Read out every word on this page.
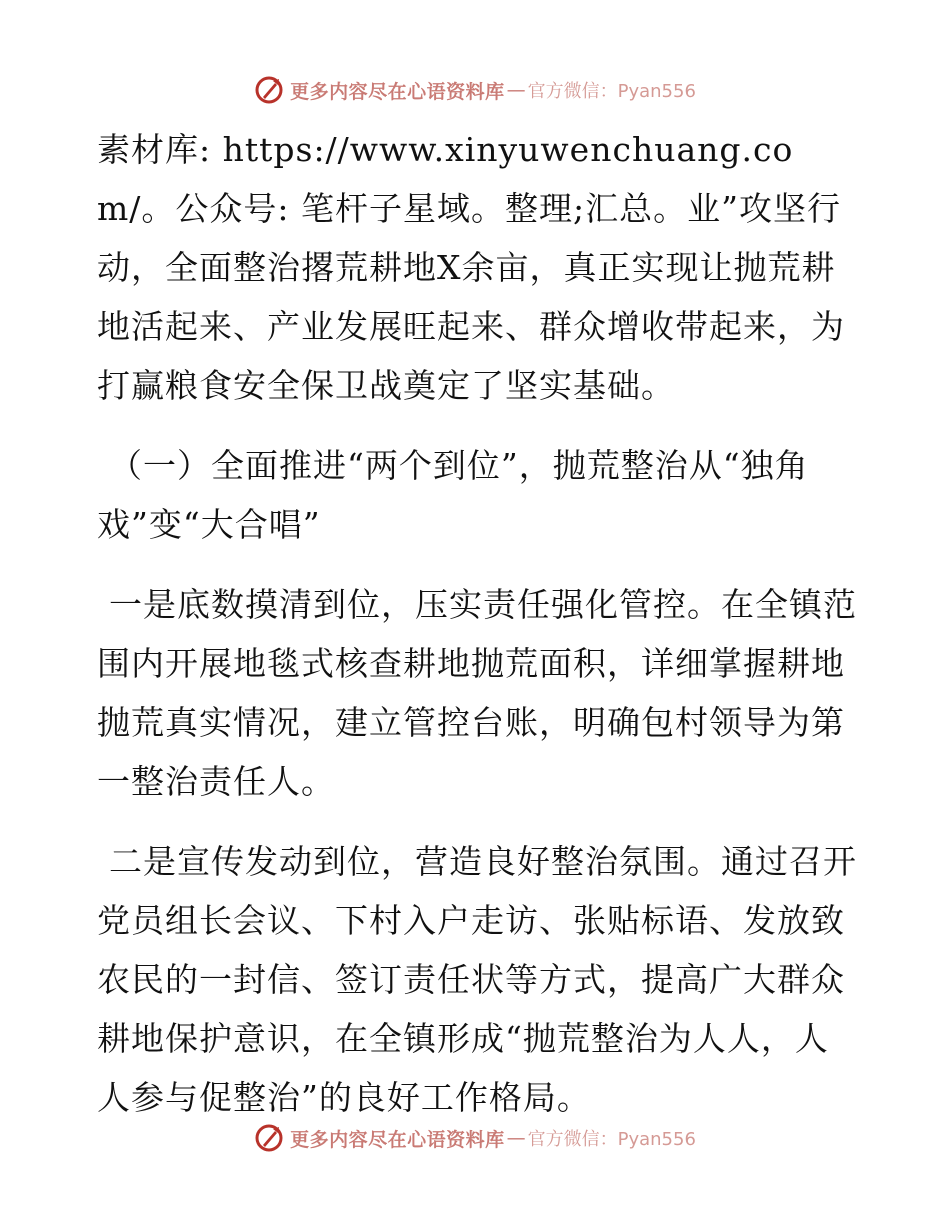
更多内容尽在心语资料库 — 官方微信：Pyan556

素材库: https://www.xinyuwenchuang.com/。公众号: 笔杆子星域。整理;汇总。业”攻坚行动，全面整治撂荒耕地X余亩，真正实现让抛荒耕地活起来、产业发展旺起来、群众增收带起来，为打赢粮食安全保卫战奠定了坚实基础。

（一）全面推进“两个到位”，抛荒整治从“独角戏”变“大合唱”

一是底数摸清到位，压实责任强化管控。在全镇范围内开展地毯式核查耕地抛荒面积，详细掌握耕地抛荒真实情况，建立管控台账，明确包村领导为第一整治责任人。

二是宣传发动到位，营造良好整治氛围。通过召开党员组长会议、下村入户走访、张贴标语、发放致农民的一封信、签订责任状等方式，提高广大群众耕地保护意识，在全镇形成“抛荒整治为人人，人人参与促整治”的良好工作格局。

更多内容尽在心语资料库 — 官方微信：Pyan556
